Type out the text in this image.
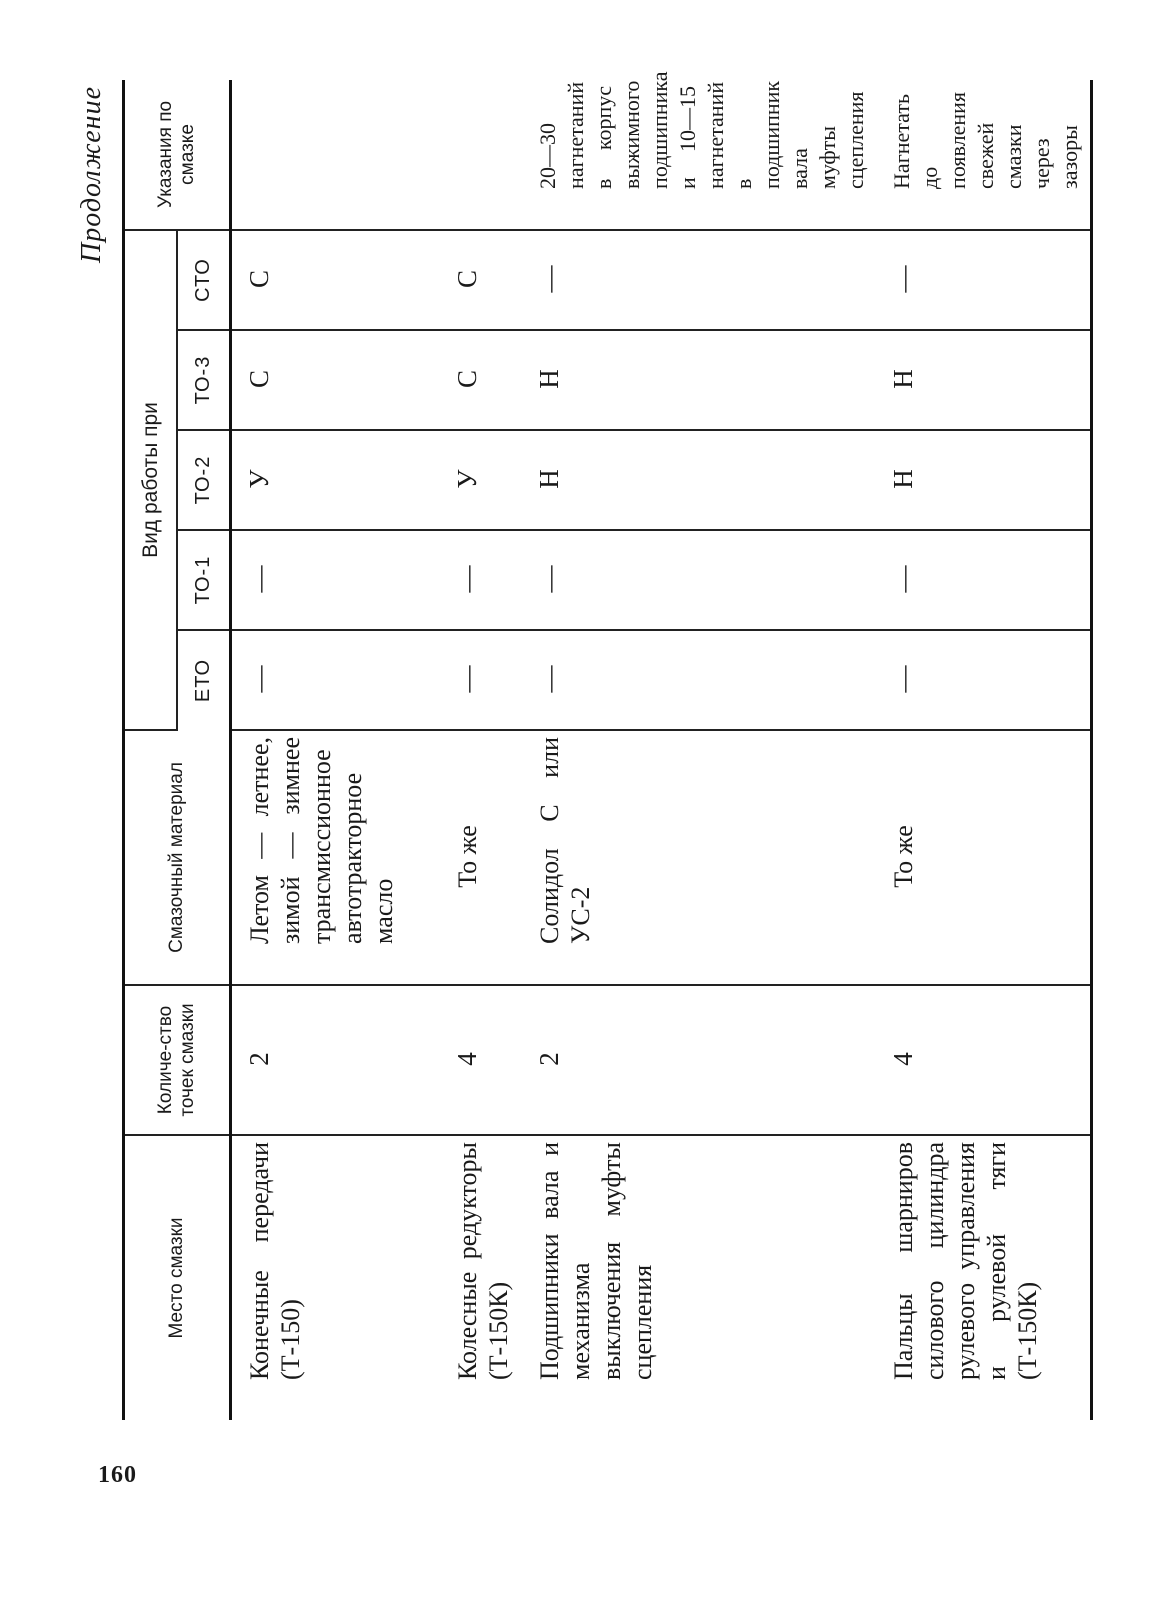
160
Продолжение
Место смазки	Количе-ство точек смазки	Смазочный материал	Вид работы при					Указания по смазке
			ЕТО	ТО-1	ТО-2	ТО-3	СТО	
Конечные передачи (Т-150)	2	Летом — летнее, зимой — зимнее трансмиссионное автотракторное масло	—	—	У	С	С	
Колесные редукторы (Т-150К)	4	То же	—	—	У	С	С	
Подшипники вала и механизма выключения муфты сцепления	2	Солидол С или УС-2	—	—	Н	Н	—	20—30 нагнетаний в корпус выжимного подшипника и 10—15 нагнетаний в подшипник вала муфты сцепления
Пальцы шарниров силового цилиндра рулевого управления и рулевой тяги (Т-150К)	4	То же	—	—	Н	Н	—	Нагнетать до появления свежей смазки через зазоры
